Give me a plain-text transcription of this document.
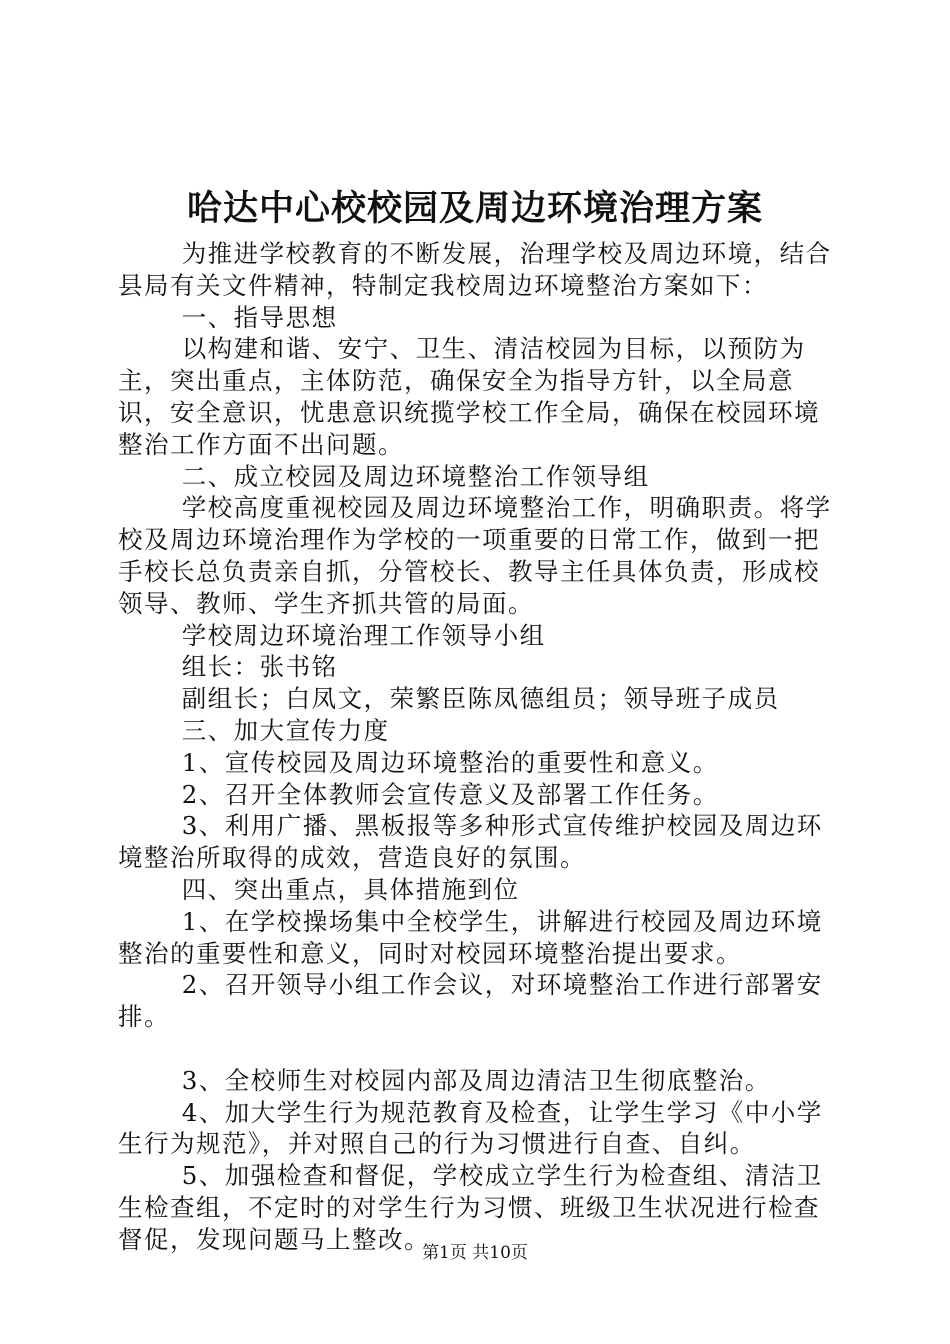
哈达中心校校园及周边环境治理方案

为推进学校教育的不断发展，治理学校及周边环境，结合县局有关文件精神，特制定我校周边环境整治方案如下：

一、指导思想

以构建和谐、安宁、卫生、清洁校园为目标，以预防为主，突出重点，主体防范，确保安全为指导方针，以全局意识，安全意识，忧患意识统揽学校工作全局，确保在校园环境整治工作方面不出问题。

二、成立校园及周边环境整治工作领导组

学校高度重视校园及周边环境整治工作，明确职责。将学校及周边环境治理作为学校的一项重要的日常工作，做到一把手校长总负责亲自抓，分管校长、教导主任具体负责，形成校领导、教师、学生齐抓共管的局面。

学校周边环境治理工作领导小组

组长：张书铭

副组长；白凤文，荣繁臣陈凤德组员；领导班子成员

三、加大宣传力度

1、宣传校园及周边环境整治的重要性和意义。

2、召开全体教师会宣传意义及部署工作任务。

3、利用广播、黑板报等多种形式宣传维护校园及周边环境整治所取得的成效，营造良好的氛围。

四、突出重点，具体措施到位

1、在学校操场集中全校学生，讲解进行校园及周边环境整治的重要性和意义，同时对校园环境整治提出要求。

2、召开领导小组工作会议，对环境整治工作进行部署安排。

3、全校师生对校园内部及周边清洁卫生彻底整治。

4、加大学生行为规范教育及检查，让学生学习《中小学生行为规范》，并对照自己的行为习惯进行自查、自纠。

5、加强检查和督促，学校成立学生行为检查组、清洁卫生检查组，不定时的对学生行为习惯、班级卫生状况进行检查督促，发现问题马上整改。

第1页 共10页
